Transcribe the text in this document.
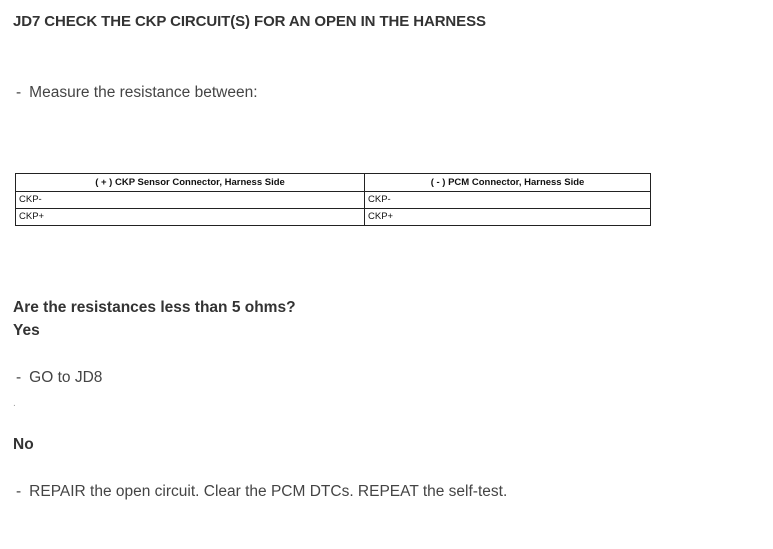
JD7 CHECK THE CKP CIRCUIT(S) FOR AN OPEN IN THE HARNESS
- Measure the resistance between:
( + ) CKP Sensor Connector, Harness Side	( - ) PCM Connector, Harness Side
CKP-	CKP-
CKP+	CKP+
Are the resistances less than 5 ohms?
Yes
- GO to JD8
.
No
- REPAIR the open circuit. Clear the PCM DTCs. REPEAT the self-test.
